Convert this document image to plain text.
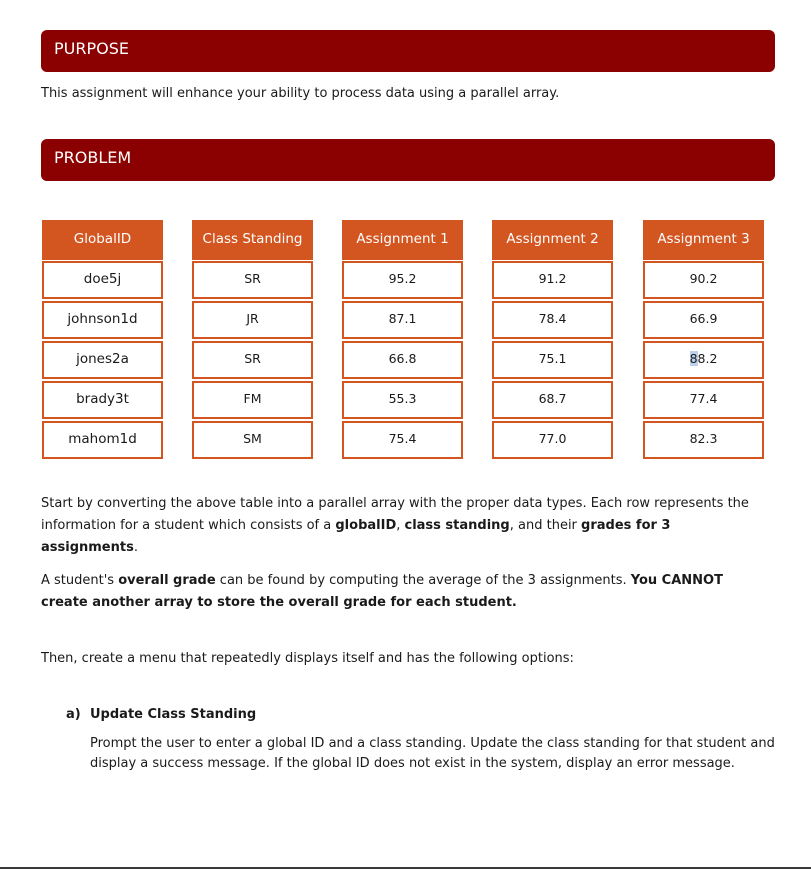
PURPOSE
This assignment will enhance your ability to process data using a parallel array.
PROBLEM
GlobalID
doe5j
johnson1d
jones2a
brady3t
mahom1d
Class Standing
SR
JR
SR
FM
SM
Assignment 1
95.2
87.1
66.8
55.3
75.4
Assignment 2
91.2
78.4
75.1
68.7
77.0
Assignment 3
90.2
66.9
88.2
77.4
82.3

Start by converting the above table into a parallel array with the proper data types. Each row represents the information for a student which consists of a globalID, class standing, and their grades for 3 assignments.

A student's overall grade can be found by computing the average of the 3 assignments. You CANNOT create another array to store the overall grade for each student.

Then, create a menu that repeatedly displays itself and has the following options:

a) Update Class Standing
Prompt the user to enter a global ID and a class standing. Update the class standing for that student and display a success message. If the global ID does not exist in the system, display an error message.
